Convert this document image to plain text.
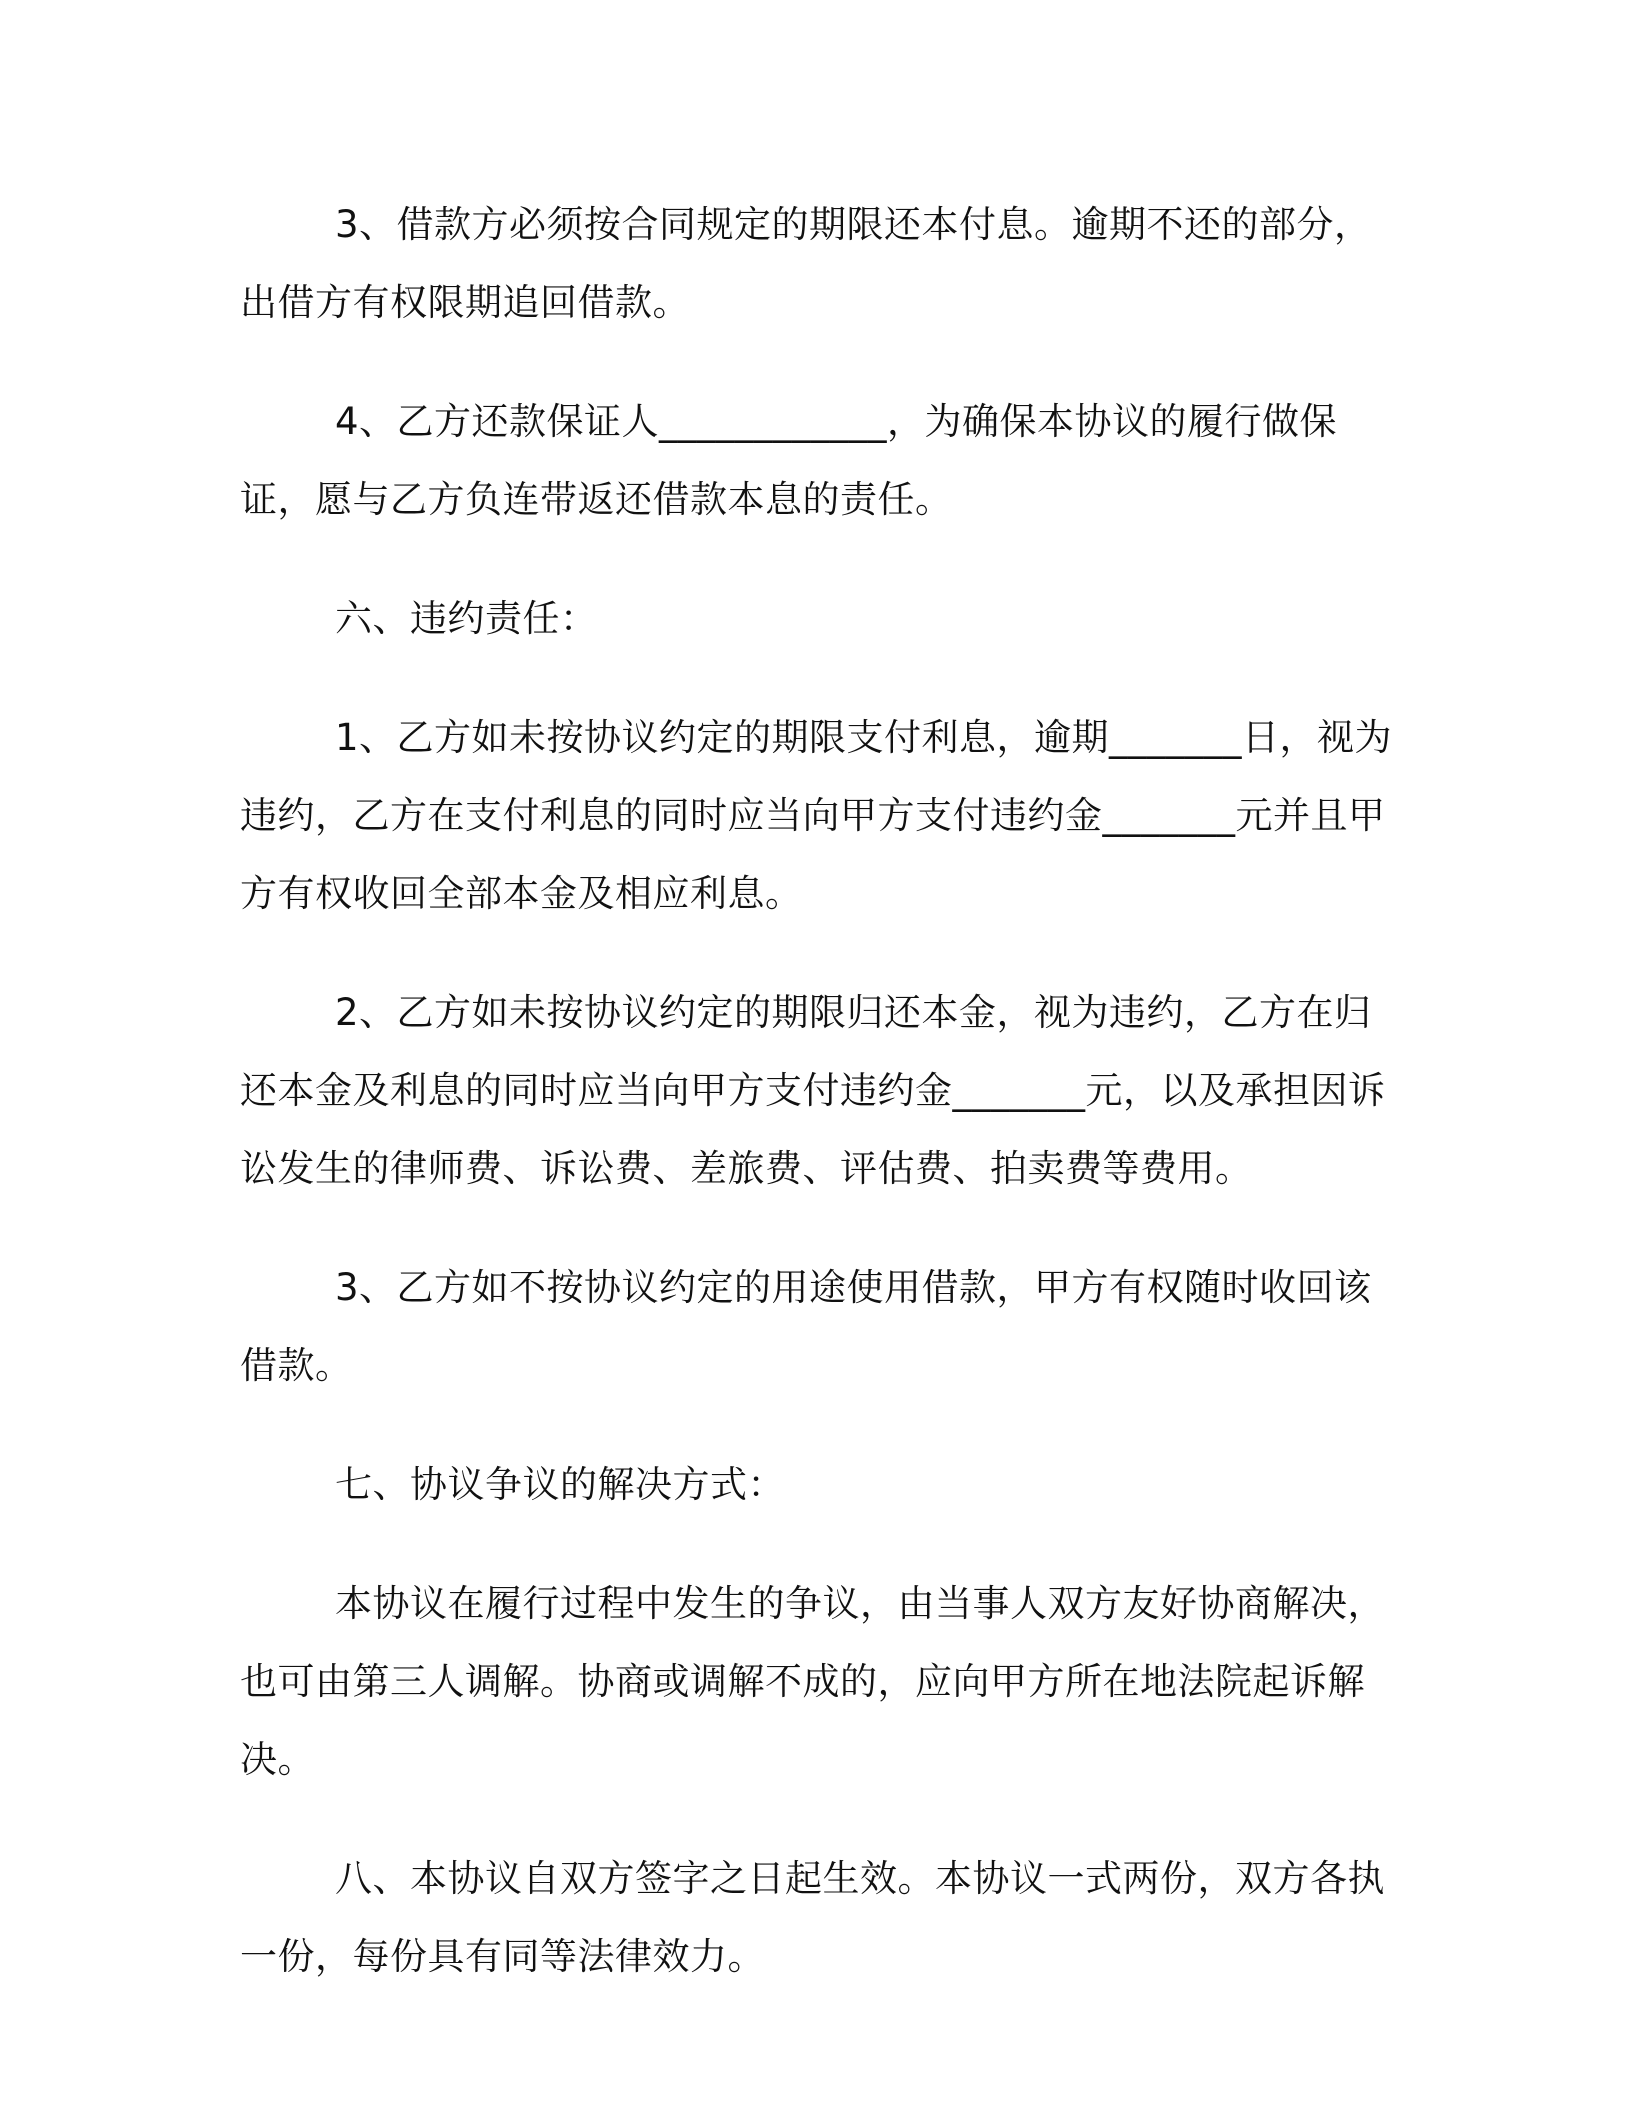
3、借款方必须按合同规定的期限还本付息。逾期不还的部分，出借方有权限期追回借款。

4、乙方还款保证人____________，为确保本协议的履行做保证，愿与乙方负连带返还借款本息的责任。

六、违约责任：

1、乙方如未按协议约定的期限支付利息，逾期_______日，视为违约，乙方在支付利息的同时应当向甲方支付违约金_______元并且甲方有权收回全部本金及相应利息。

2、乙方如未按协议约定的期限归还本金，视为违约，乙方在归还本金及利息的同时应当向甲方支付违约金_______元，以及承担因诉讼发生的律师费、诉讼费、差旅费、评估费、拍卖费等费用。

3、乙方如不按协议约定的用途使用借款，甲方有权随时收回该借款。

七、协议争议的解决方式：

本协议在履行过程中发生的争议，由当事人双方友好协商解决，也可由第三人调解。协商或调解不成的，应向甲方所在地法院起诉解决。

八、本协议自双方签字之日起生效。本协议一式两份，双方各执一份，每份具有同等法律效力。
